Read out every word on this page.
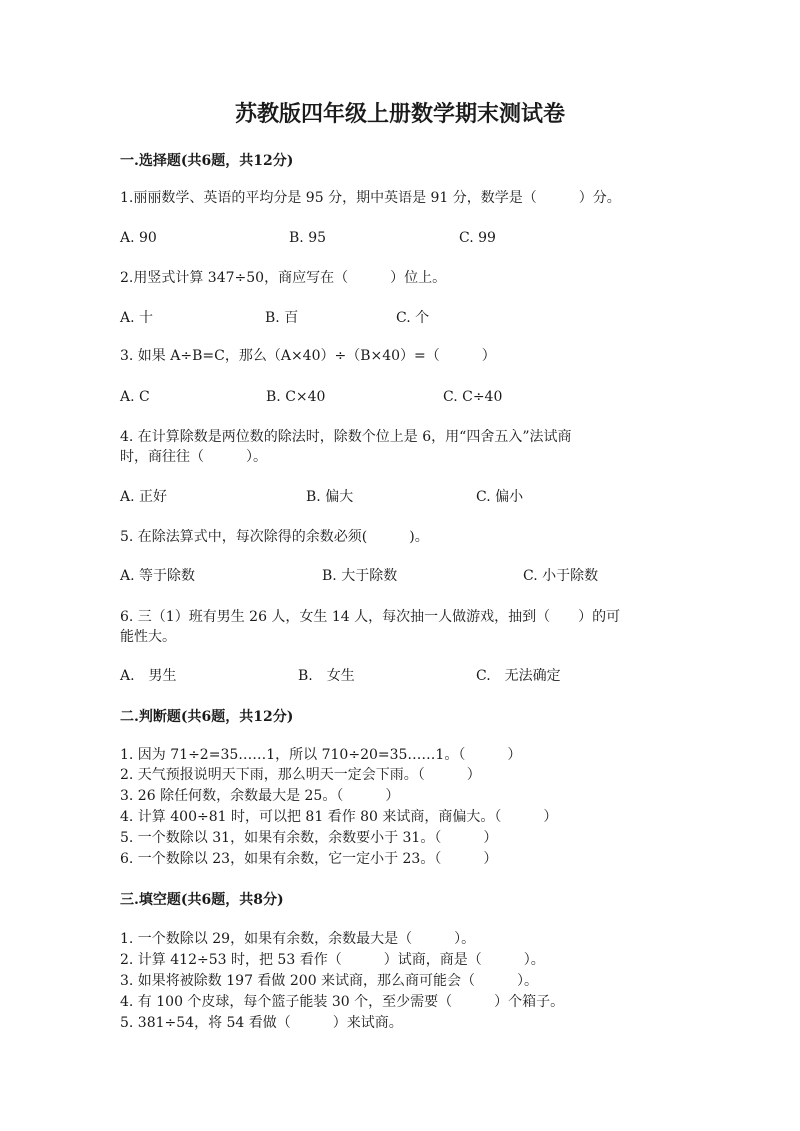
苏教版四年级上册数学期末测试卷
一.选择题(共6题，共12分)
1.丽丽数学、英语的平均分是 95 分，期中英语是 91 分，数学是（　　　）分。
A. 90	B. 95	C. 99
2.用竖式计算 347÷50，商应写在（　　　）位上。
A. 十	B. 百	C. 个
3. 如果 A÷B=C，那么（A×40）÷（B×40）=（　　　）
A. C	B. C×40	C. C÷40
4. 在计算除数是两位数的除法时，除数个位上是 6，用“四舍五入”法试商
时，商往往（　　　）。
A. 正好	B. 偏大	C. 偏小
5. 在除法算式中，每次除得的余数必须(　　　)。
A. 等于除数	B. 大于除数	C. 小于除数
6. 三（1）班有男生 26 人，女生 14 人，每次抽一人做游戏，抽到（　　）的可
能性大。
A.　男生	B.　女生	C.　无法确定
二.判断题(共6题，共12分)
1. 因为 71÷2=35……1，所以 710÷20=35……1。（　　　）
2. 天气预报说明天下雨，那么明天一定会下雨。（　　　）
3. 26 除任何数，余数最大是 25。（　　　）
4. 计算 400÷81 时，可以把 81 看作 80 来试商，商偏大。（　　　）
5. 一个数除以 31，如果有余数，余数要小于 31。（　　　）
6. 一个数除以 23，如果有余数，它一定小于 23。（　　　）
三.填空题(共6题，共8分)
1. 一个数除以 29，如果有余数，余数最大是（　　　）。
2. 计算 412÷53 时，把 53 看作（　　　）试商，商是（　　　）。
3. 如果将被除数 197 看做 200 来试商，那么商可能会（　　　）。
4. 有 100 个皮球，每个篮子能装 30 个，至少需要（　　　）个箱子。
5. 381÷54，将 54 看做（　　　）来试商。
